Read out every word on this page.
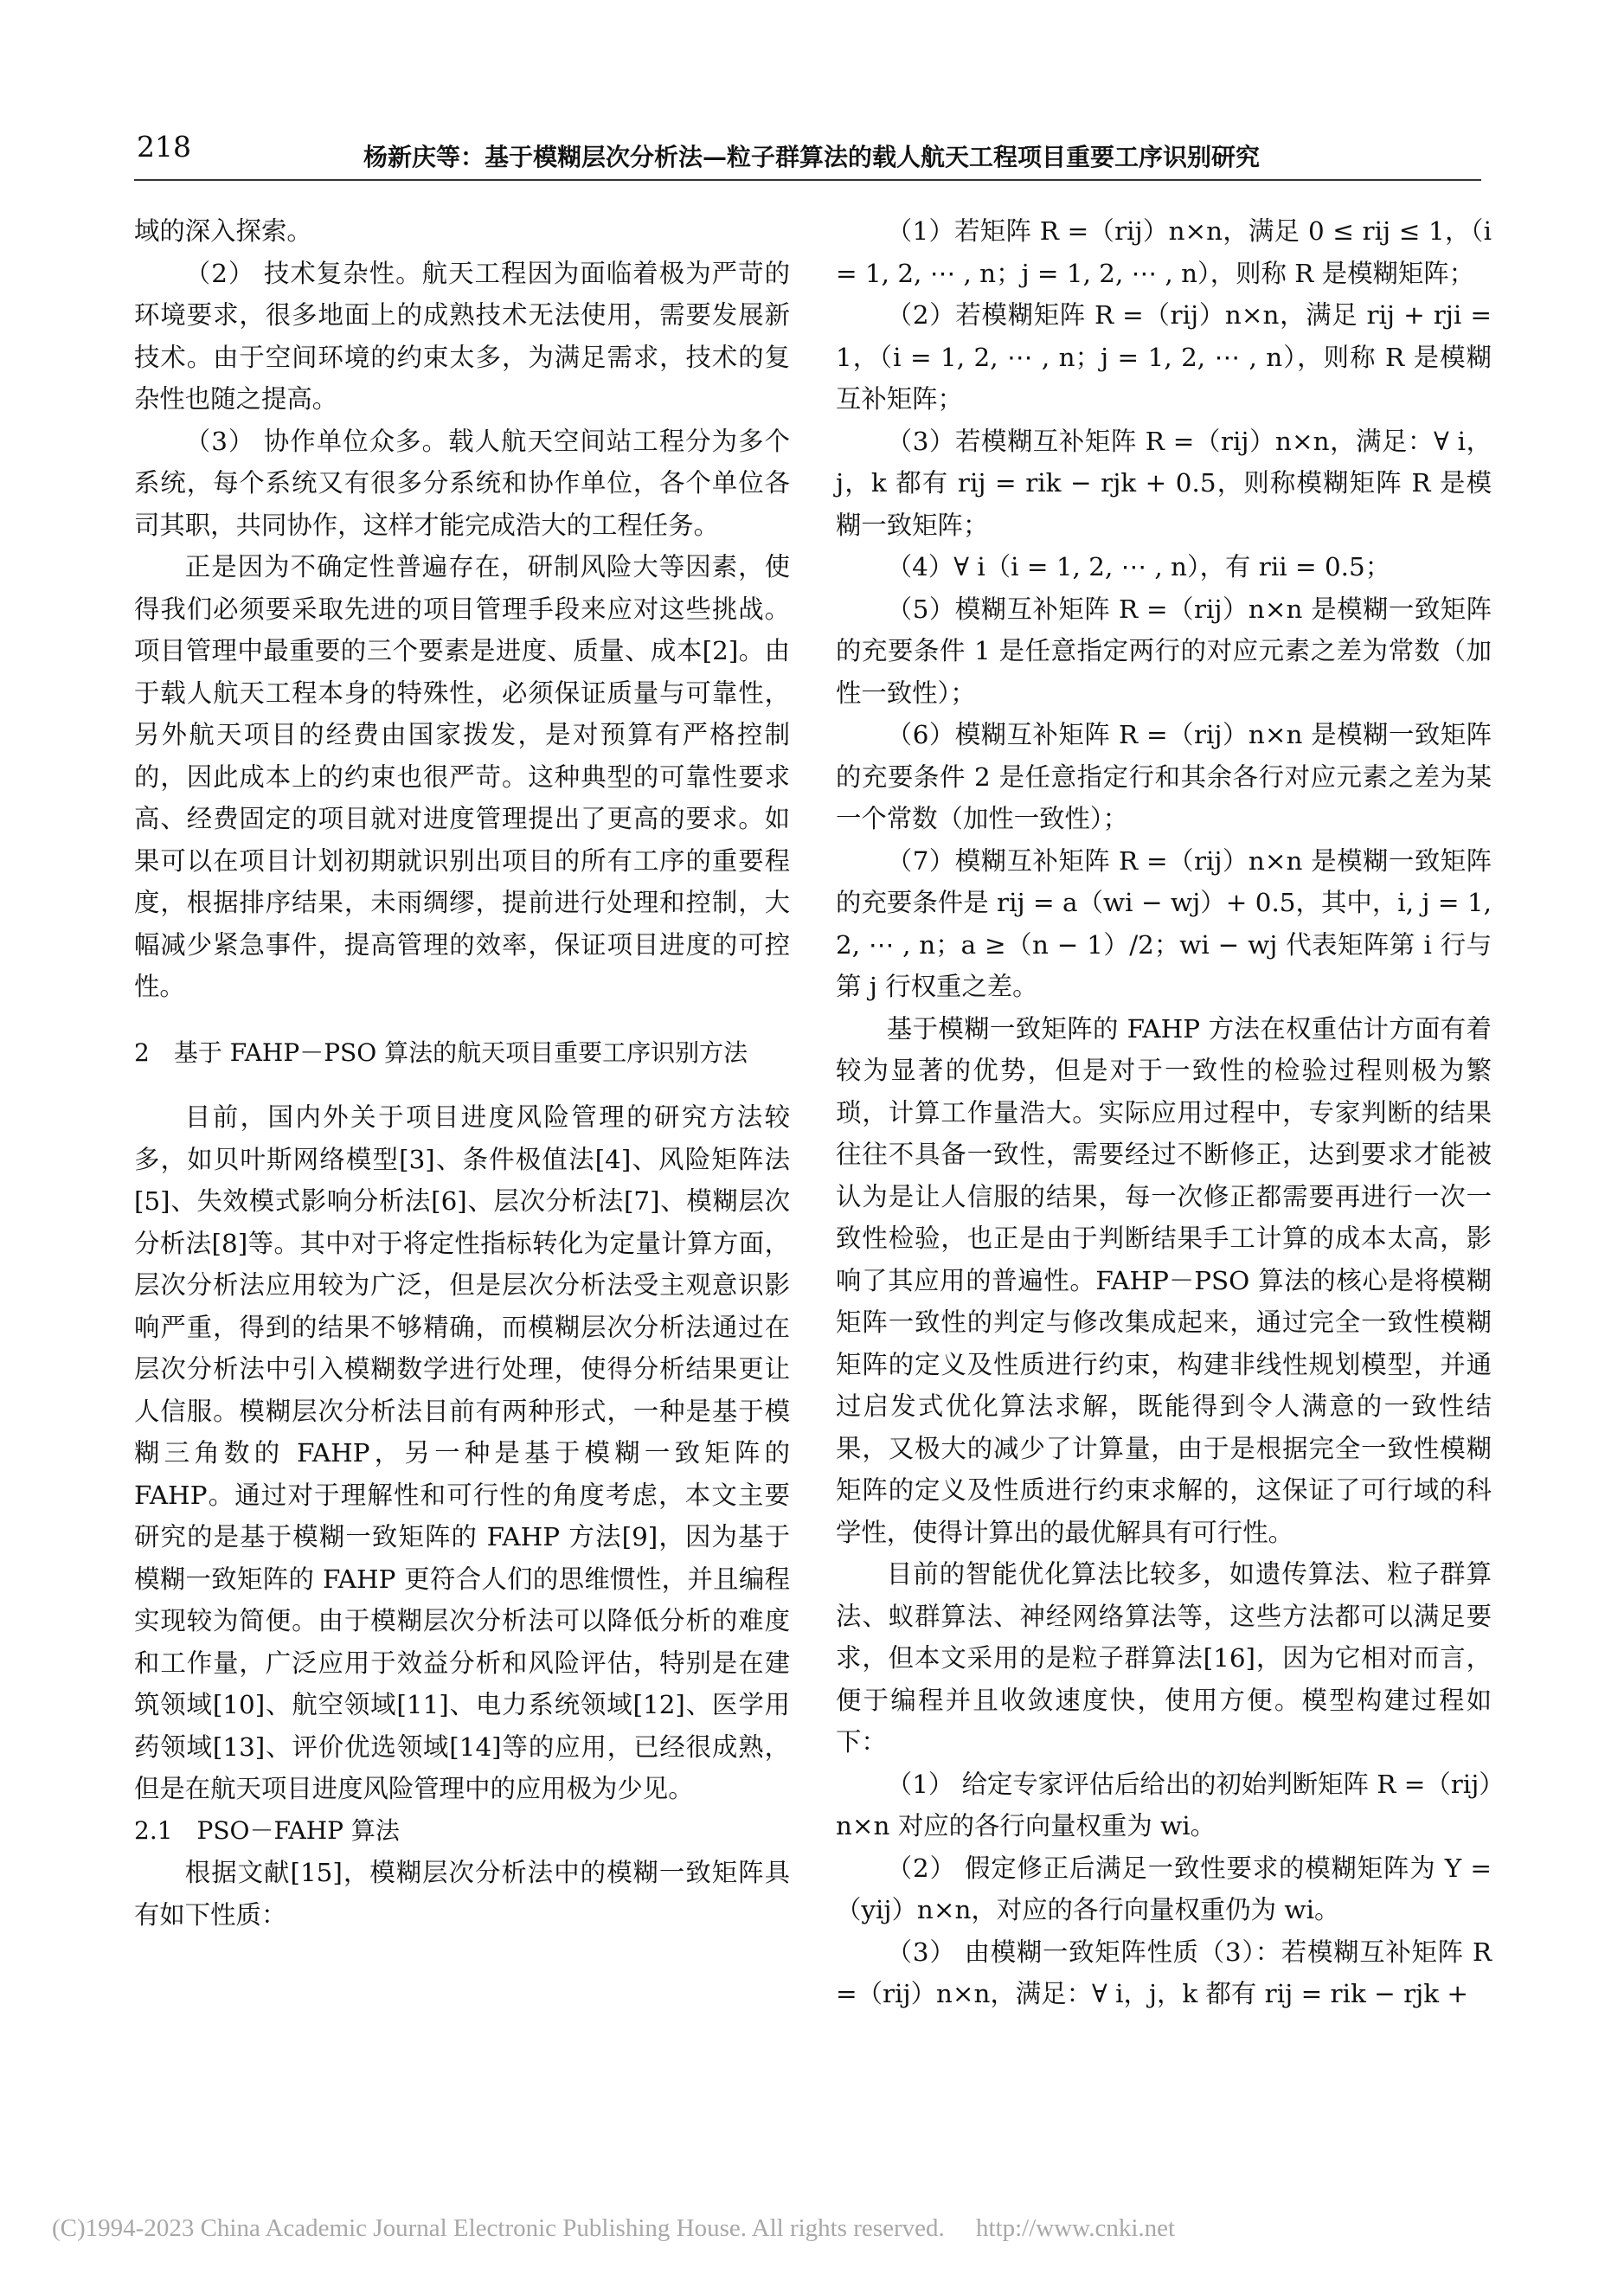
218	杨新庆等：基于模糊层次分析法—粒子群算法的载人航天工程项目重要工序识别研究

域的深入探索。

（2） 技术复杂性。航天工程因为面临着极为严苛的环境要求，很多地面上的成熟技术无法使用，需要发展新技术。由于空间环境的约束太多，为满足需求，技术的复杂性也随之提高。

（3） 协作单位众多。载人航天空间站工程分为多个系统，每个系统又有很多分系统和协作单位，各个单位各司其职，共同协作，这样才能完成浩大的工程任务。

正是因为不确定性普遍存在，研制风险大等因素，使得我们必须要采取先进的项目管理手段来应对这些挑战。项目管理中最重要的三个要素是进度、质量、成本[2]。由于载人航天工程本身的特殊性，必须保证质量与可靠性，另外航天项目的经费由国家拨发，是对预算有严格控制的，因此成本上的约束也很严苛。这种典型的可靠性要求高、经费固定的项目就对进度管理提出了更高的要求。如果可以在项目计划初期就识别出项目的所有工序的重要程度，根据排序结果，未雨绸缪，提前进行处理和控制，大幅减少紧急事件，提高管理的效率，保证项目进度的可控性。

2　基于 FAHP－PSO 算法的航天项目重要工序识别方法

目前，国内外关于项目进度风险管理的研究方法较多，如贝叶斯网络模型[3]、条件极值法[4]、风险矩阵法[5]、失效模式影响分析法[6]、层次分析法[7]、模糊层次分析法[8]等。其中对于将定性指标转化为定量计算方面，层次分析法应用较为广泛，但是层次分析法受主观意识影响严重，得到的结果不够精确，而模糊层次分析法通过在层次分析法中引入模糊数学进行处理，使得分析结果更让人信服。模糊层次分析法目前有两种形式，一种是基于模糊三角数的 FAHP，另一种是基于模糊一致矩阵的 FAHP。通过对于理解性和可行性的角度考虑，本文主要研究的是基于模糊一致矩阵的 FAHP 方法[9]，因为基于模糊一致矩阵的 FAHP 更符合人们的思维惯性，并且编程实现较为简便。由于模糊层次分析法可以降低分析的难度和工作量，广泛应用于效益分析和风险评估，特别是在建筑领域[10]、航空领域[11]、电力系统领域[12]、医学用药领域[13]、评价优选领域[14]等的应用，已经很成熟，但是在航天项目进度风险管理中的应用极为少见。

2.1　PSO－FAHP 算法

根据文献[15]，模糊层次分析法中的模糊一致矩阵具有如下性质：

（1）若矩阵 R =（rij）n×n，满足 0 ≤ rij ≤ 1，（i = 1, 2, ⋯ , n；j = 1, 2, ⋯ , n），则称 R 是模糊矩阵；

（2）若模糊矩阵 R =（rij）n×n，满足 rij + rji = 1，（i = 1, 2, ⋯ , n；j = 1, 2, ⋯ , n），则称 R 是模糊互补矩阵；

（3）若模糊互补矩阵 R =（rij）n×n，满足：∀ i，j，k 都有 rij = rik − rjk + 0.5，则称模糊矩阵 R 是模糊一致矩阵；

（4）∀ i（i = 1, 2, ⋯ , n），有 rii = 0.5；

（5）模糊互补矩阵 R =（rij）n×n 是模糊一致矩阵的充要条件 1 是任意指定两行的对应元素之差为常数（加性一致性）；

（6）模糊互补矩阵 R =（rij）n×n 是模糊一致矩阵的充要条件 2 是任意指定行和其余各行对应元素之差为某一个常数（加性一致性）；

（7）模糊互补矩阵 R =（rij）n×n 是模糊一致矩阵的充要条件是 rij = a（wi − wj）+ 0.5，其中，i, j = 1, 2, ⋯ , n；a ≥（n − 1）/2；wi − wj 代表矩阵第 i 行与第 j 行权重之差。

基于模糊一致矩阵的 FAHP 方法在权重估计方面有着较为显著的优势，但是对于一致性的检验过程则极为繁琐，计算工作量浩大。实际应用过程中，专家判断的结果往往不具备一致性，需要经过不断修正，达到要求才能被认为是让人信服的结果，每一次修正都需要再进行一次一致性检验，也正是由于判断结果手工计算的成本太高，影响了其应用的普遍性。FAHP－PSO 算法的核心是将模糊矩阵一致性的判定与修改集成起来，通过完全一致性模糊矩阵的定义及性质进行约束，构建非线性规划模型，并通过启发式优化算法求解，既能得到令人满意的一致性结果，又极大的减少了计算量，由于是根据完全一致性模糊矩阵的定义及性质进行约束求解的，这保证了可行域的科学性，使得计算出的最优解具有可行性。

目前的智能优化算法比较多，如遗传算法、粒子群算法、蚁群算法、神经网络算法等，这些方法都可以满足要求，但本文采用的是粒子群算法[16]，因为它相对而言，便于编程并且收敛速度快，使用方便。模型构建过程如下：

（1） 给定专家评估后给出的初始判断矩阵 R =（rij）n×n 对应的各行向量权重为 wi。

（2） 假定修正后满足一致性要求的模糊矩阵为 Y =（yij）n×n，对应的各行向量权重仍为 wi。

（3） 由模糊一致矩阵性质（3）：若模糊互补矩阵 R =（rij）n×n，满足：∀ i，j，k 都有 rij = rik − rjk +

(C)1994-2023 China Academic Journal Electronic Publishing House. All rights reserved.　 http://www.cnki.net
